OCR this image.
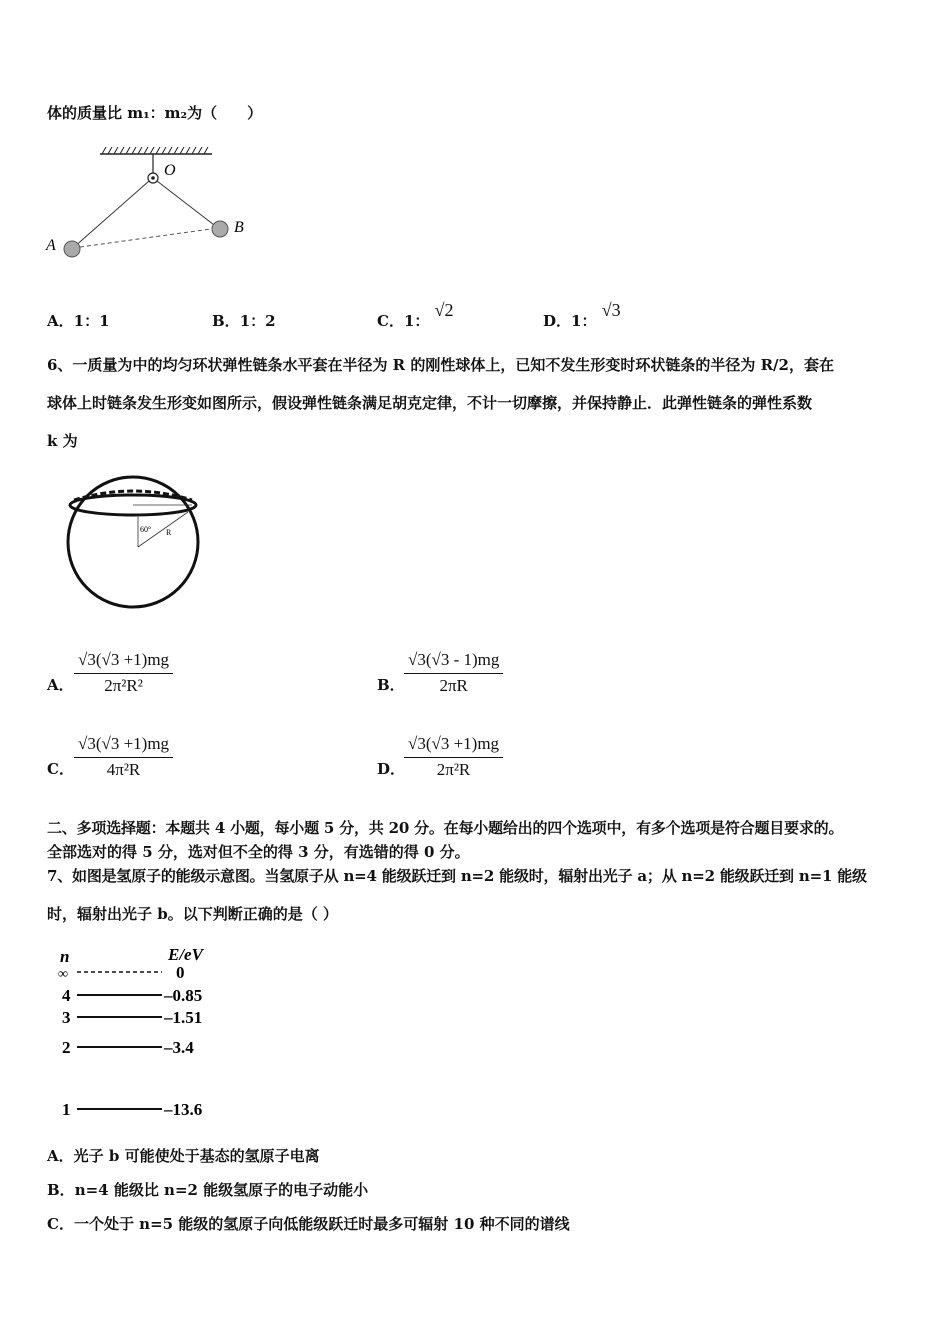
体的质量比 m₁：m₂为（　　）
O
A
B
A．1：1	B．1：2	C．1： √2
D．1： √3
6、一质量为中的均匀环状弹性链条水平套在半径为 R 的刚性球体上，已知不发生形变时环状链条的半径为 R/2，套在
球体上时链条发生形变如图所示，假设弹性链条满足胡克定律，不计一切摩擦，并保持静止．此弹性链条的弹性系数
k 为
60° R
A． $\frac{√3(√3 +1)mg}{\text{2π²R²}}$	B． $\frac{√3(√3 - 1)mg}{2\pi R}$
C． $\frac{√3(√3 +1)mg}{\text{4π²R}}$	D．
$\frac{√3(√3 +1)mg}{\text{2π²R}}$
二、多项选择题：本题共 4 小题，每小题 5 分，共 20 分。在每小题给出的四个选项中，有多个选项是符合题目要求的。
全部选对的得 5 分，选对但不全的得 3 分，有选错的得 0 分。
7、如图是氢原子的能级示意图。当氢原子从 n=4 能级跃迁到 n=2 能级时，辐射出光子 a；从 n=2 能级跃迁到 n=1 能级
时，辐射出光子 b。以下判断正确的是（ ）
n	E/eV
∞	0
4	–0.85
3	–1.51
2	–3.4
1	–13.6
A．光子 b 可能使处于基态的氢原子电离
B．n=4 能级比 n=2 能级氢原子的电子动能小
C．一个处于 n=5 能级的氢原子向低能级跃迁时最多可辐射 10 种不同的谱线
